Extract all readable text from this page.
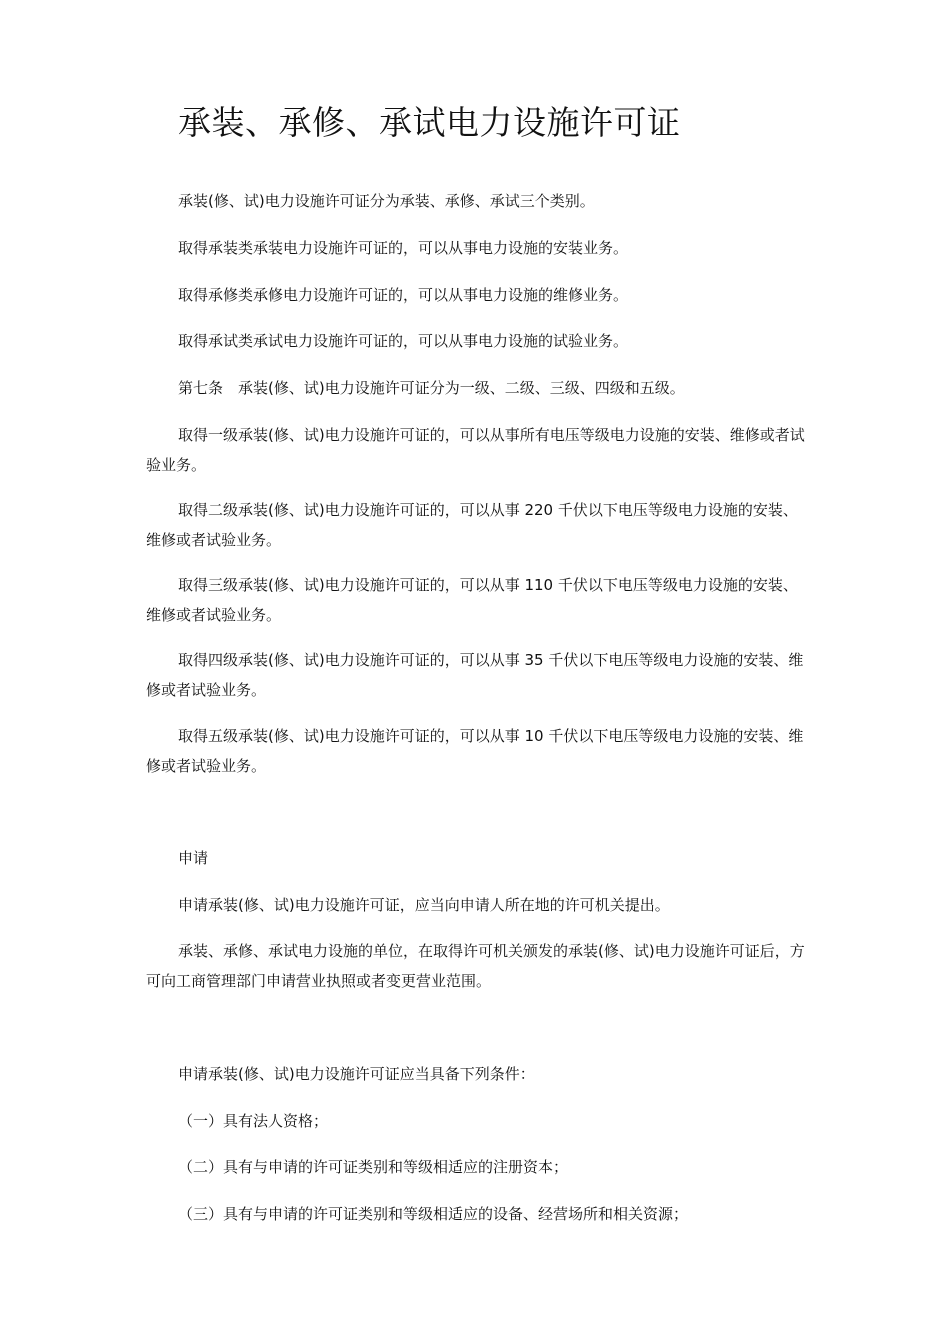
承装、承修、承试电力设施许可证

承装(修、试)电力设施许可证分为承装、承修、承试三个类别。

取得承装类承装电力设施许可证的，可以从事电力设施的安装业务。

取得承修类承修电力设施许可证的，可以从事电力设施的维修业务。

取得承试类承试电力设施许可证的，可以从事电力设施的试验业务。

第七条　承装(修、试)电力设施许可证分为一级、二级、三级、四级和五级。

取得一级承装(修、试)电力设施许可证的，可以从事所有电压等级电力设施的安装、维修或者试验业务。

取得二级承装(修、试)电力设施许可证的，可以从事 220 千伏以下电压等级电力设施的安装、维修或者试验业务。

取得三级承装(修、试)电力设施许可证的，可以从事 110 千伏以下电压等级电力设施的安装、维修或者试验业务。

取得四级承装(修、试)电力设施许可证的，可以从事 35 千伏以下电压等级电力设施的安装、维修或者试验业务。

取得五级承装(修、试)电力设施许可证的，可以从事 10 千伏以下电压等级电力设施的安装、维修或者试验业务。

申请

申请承装(修、试)电力设施许可证，应当向申请人所在地的许可机关提出。

承装、承修、承试电力设施的单位，在取得许可机关颁发的承装(修、试)电力设施许可证后，方可向工商管理部门申请营业执照或者变更营业范围。

申请承装(修、试)电力设施许可证应当具备下列条件：

（一）具有法人资格；

（二）具有与申请的许可证类别和等级相适应的注册资本；

（三）具有与申请的许可证类别和等级相适应的设备、经营场所和相关资源；
